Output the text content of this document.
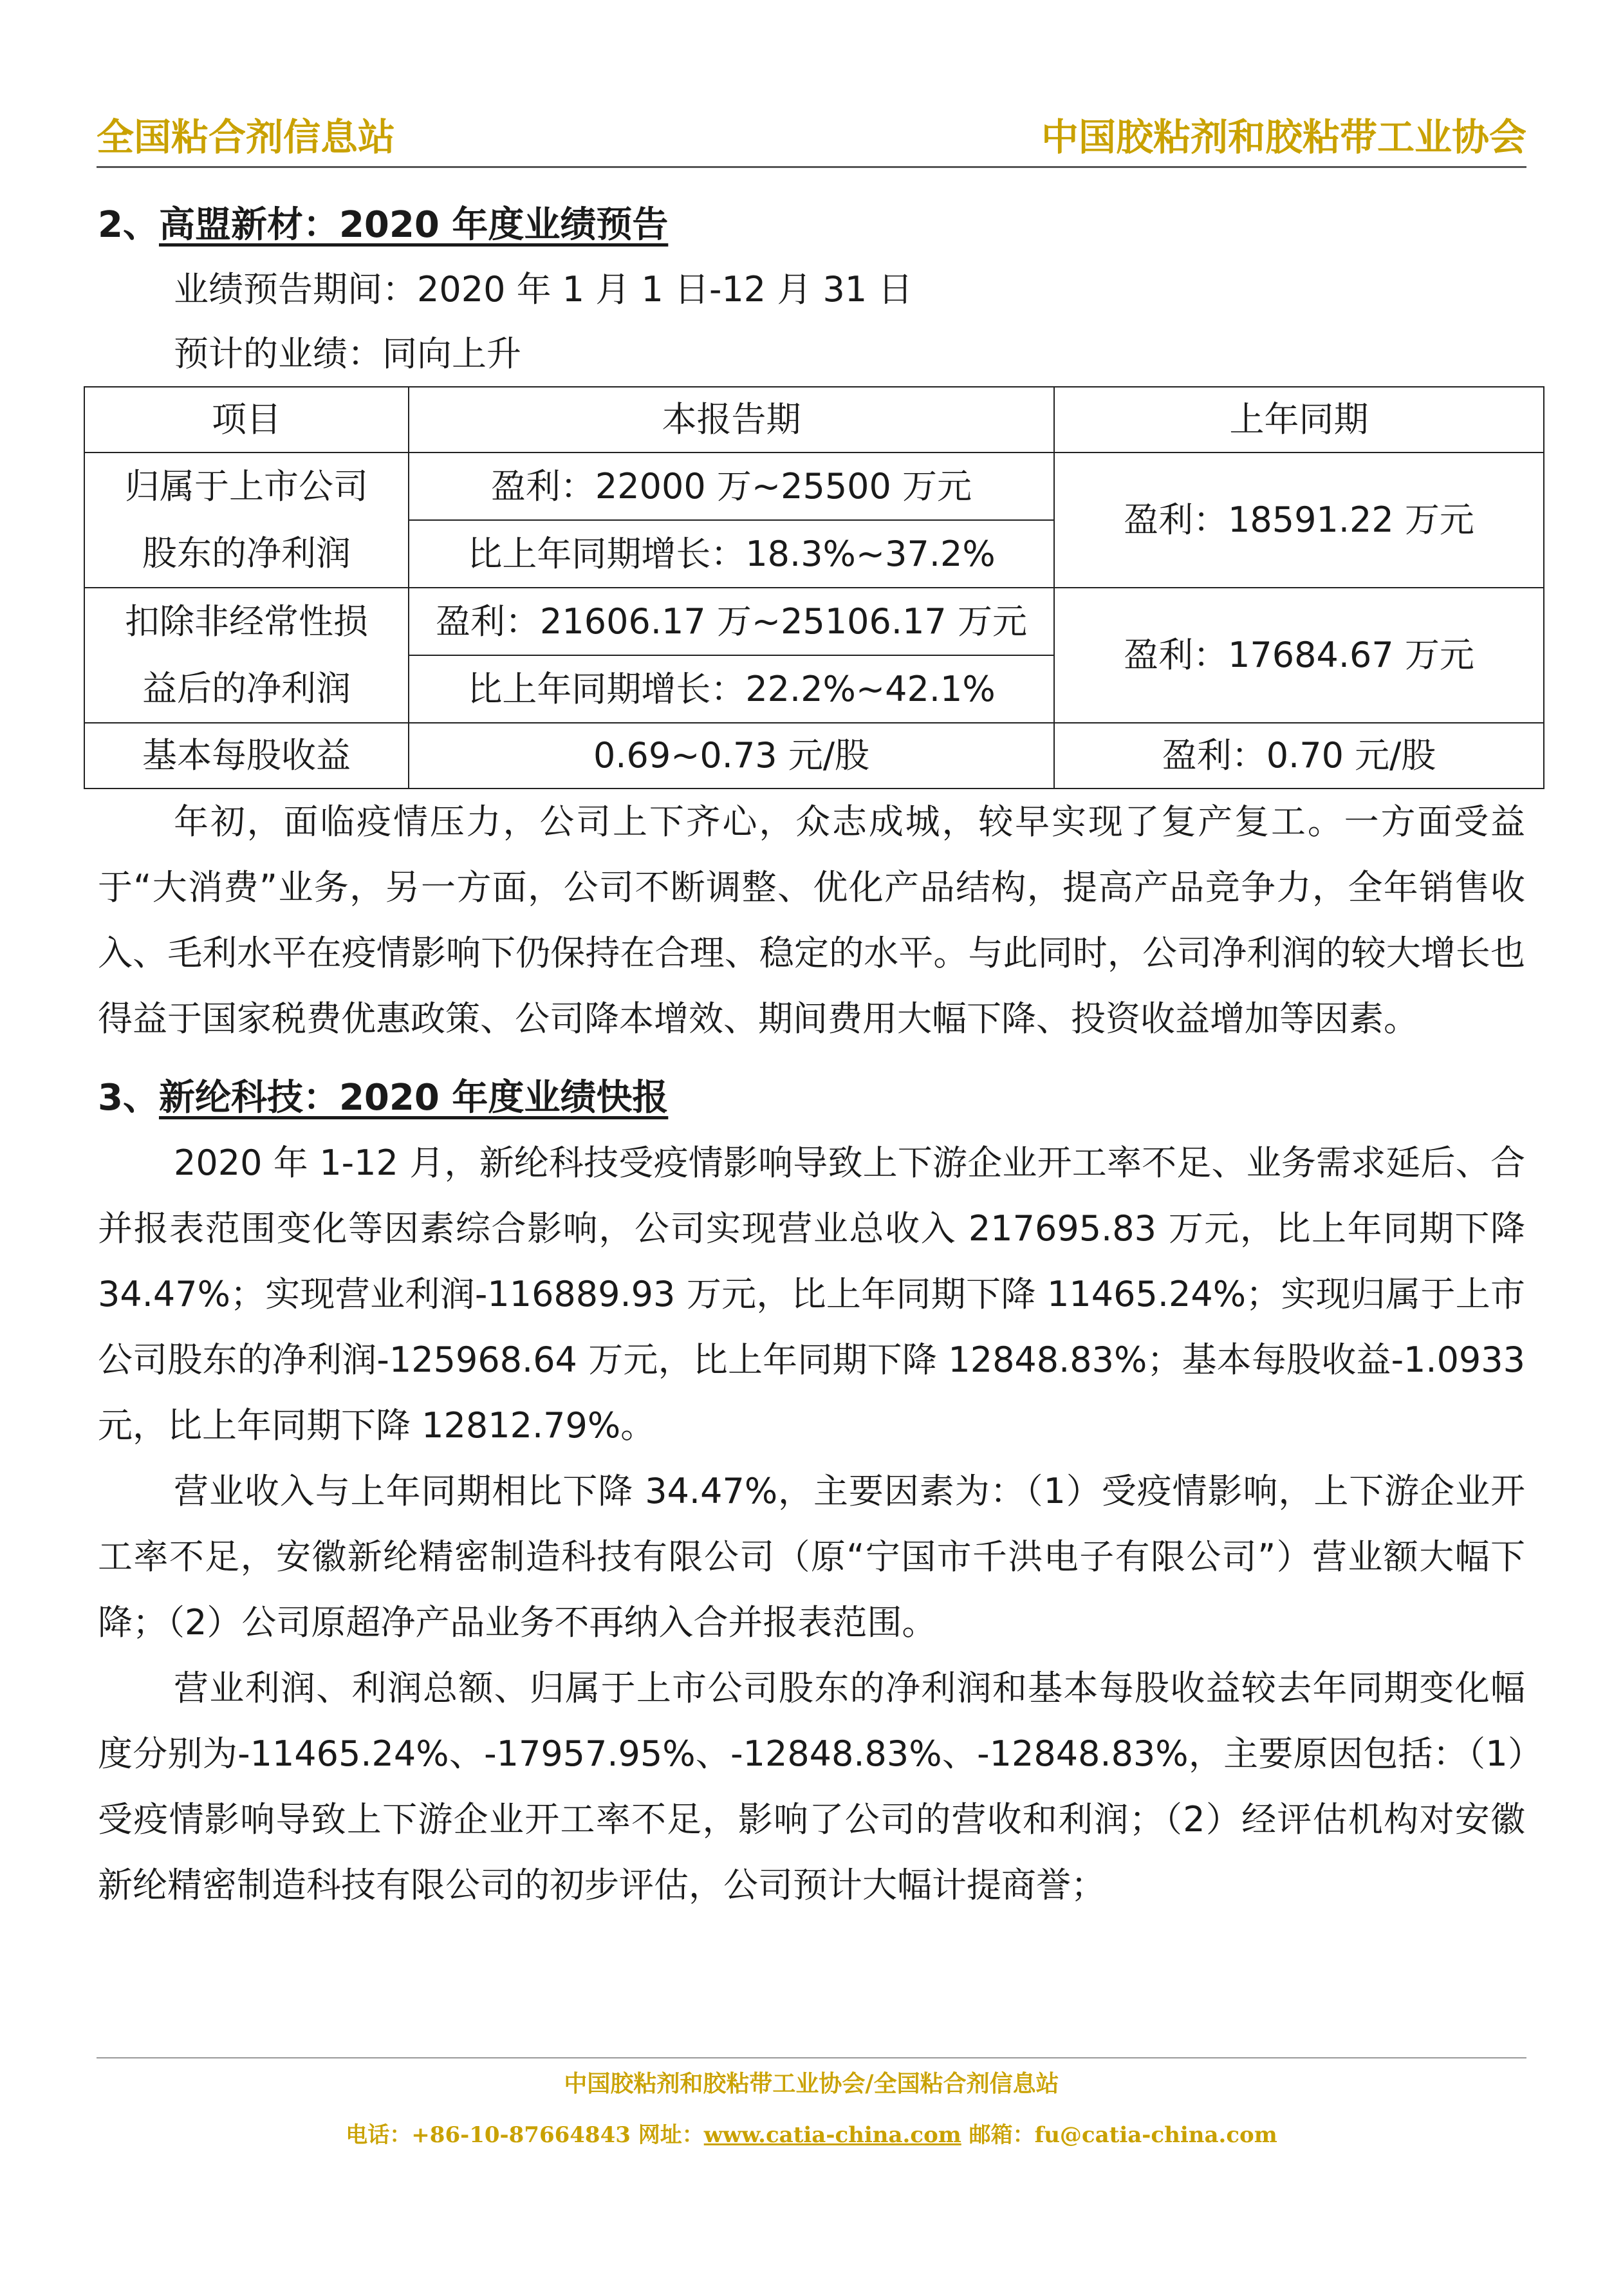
全国粘合剂信息站	中国胶粘剂和胶粘带工业协会
2、高盟新材：2020 年度业绩预告
业绩预告期间：2020 年 1 月 1 日-12 月 31 日
预计的业绩：同向上升
项目	本报告期	上年同期

归属于上市公司
股东的净利润	盈利：22000 万~25500 万元	盈利：18591.22 万元
	比上年同期增长：18.3%~37.2%	

扣除非经常性损
益后的净利润	盈利：21606.17 万~25106.17 万元	盈利：17684.67 万元
	比上年同期增长：22.2%~42.1%	
基本每股收益	0.69~0.73 元/股	盈利：0.70 元/股

年初，面临疫情压力，公司上下齐心，众志成城，较早实现了复产复工。一方面受益于“大消费”业务，另一方面，公司不断调整、优化产品结构，提高产品竞争力，全年销售收入、毛利水平在疫情影响下仍保持在合理、稳定的水平。与此同时，公司净利润的较大增长也得益于国家税费优惠政策、公司降本增效、期间费用大幅下降、投资收益增加等因素。

3、新纶科技：2020 年度业绩快报

2020 年 1-12 月，新纶科技受疫情影响导致上下游企业开工率不足、业务需求延后、合并报表范围变化等因素综合影响，公司实现营业总收入 217695.83 万元，比上年同期下降 34.47%；实现营业利润-116889.93 万元，比上年同期下降 11465.24%；实现归属于上市公司股东的净利润-125968.64 万元，比上年同期下降 12848.83%；基本每股收益-1.0933 元，比上年同期下降 12812.79%。

营业收入与上年同期相比下降 34.47%，主要因素为：（1）受疫情影响，上下游企业开工率不足，安徽新纶精密制造科技有限公司（原“宁国市千洪电子有限公司”）营业额大幅下降；（2）公司原超净产品业务不再纳入合并报表范围。

营业利润、利润总额、归属于上市公司股东的净利润和基本每股收益较去年同期变化幅度分别为-11465.24%、-17957.95%、-12848.83%、-12848.83%，主要原因包括：（1）受疫情影响导致上下游企业开工率不足，影响了公司的营收和利润；（2）经评估机构对安徽新纶精密制造科技有限公司的初步评估，公司预计大幅计提商誉；

中国胶粘剂和胶粘带工业协会/全国粘合剂信息站
电话：+86-10-87664843 网址：www.catia-china.com 邮箱：fu@catia-china.com
